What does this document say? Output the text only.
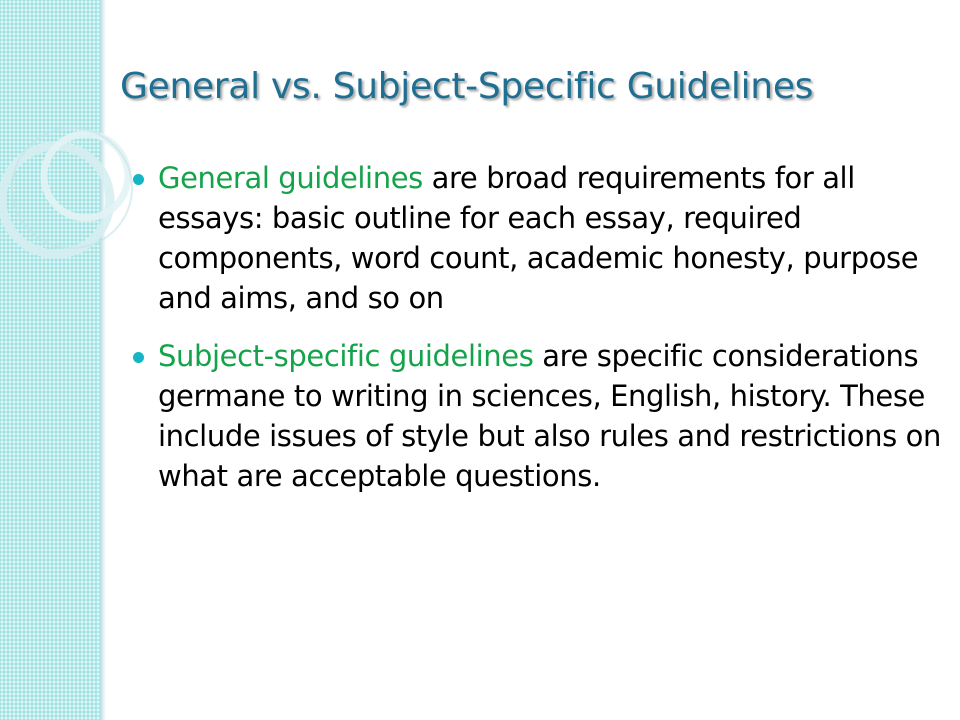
General vs. Subject-Specific Guidelines
General guidelines are broad requirements for all essays: basic outline for each essay, required components, word count, academic honesty, purpose and aims, and so on
Subject-specific guidelines are specific considerations germane to writing in sciences, English, history. These include issues of style but also rules and restrictions on what are acceptable questions.
